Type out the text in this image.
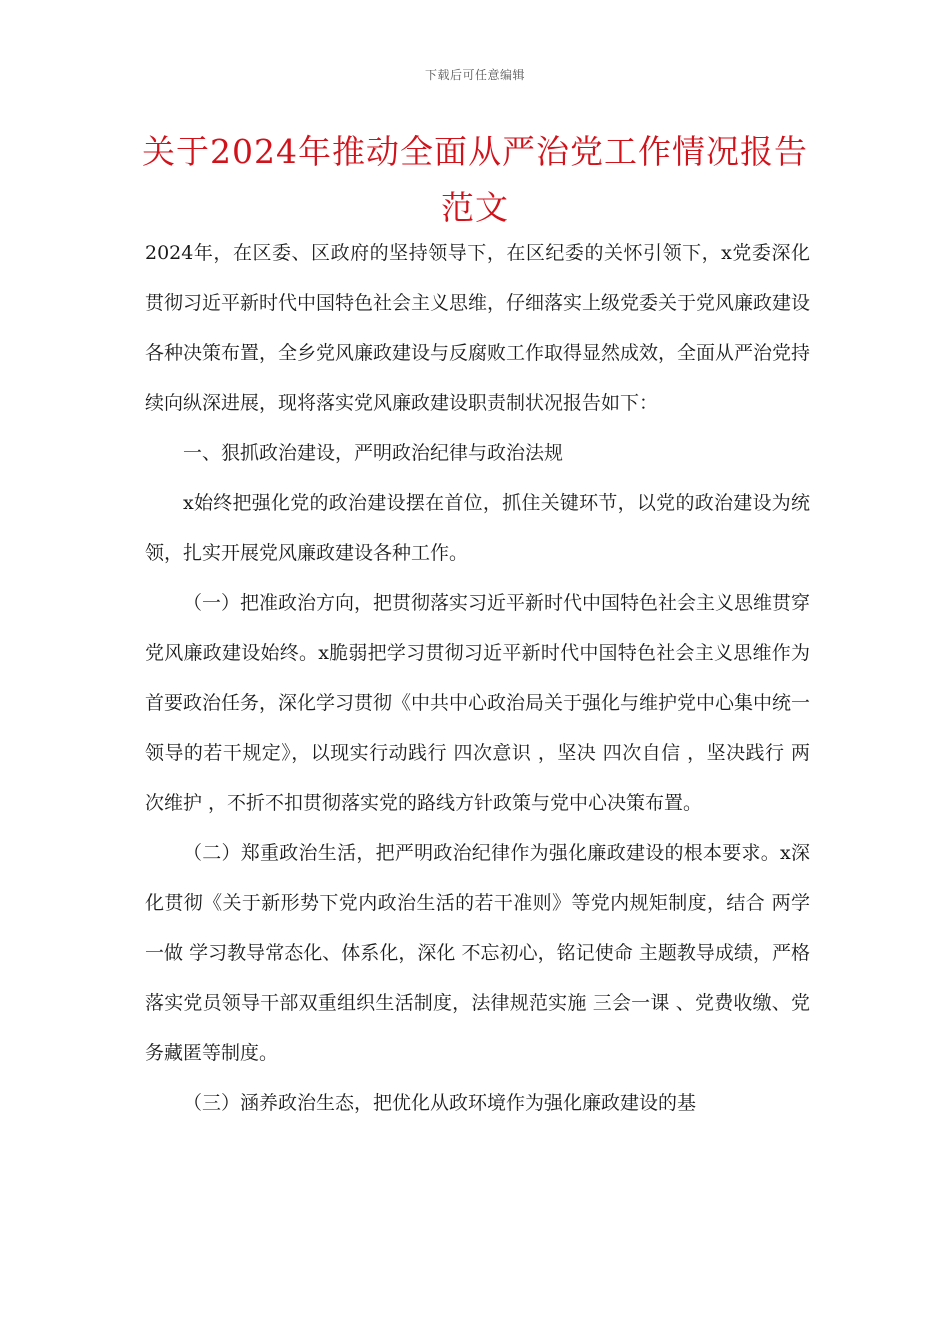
下载后可任意编辑
关于2024年推动全面从严治党工作情况报告范文

2024年，在区委、区政府的坚持领导下，在区纪委的关怀引领下，x党委深化贯彻习近平新时代中国特色社会主义思维，仔细落实上级党委关于党风廉政建设各种决策布置，全乡党风廉政建设与反腐败工作取得显然成效，全面从严治党持续向纵深进展，现将落实党风廉政建设职责制状况报告如下：

一、狠抓政治建设，严明政治纪律与政治法规

x始终把强化党的政治建设摆在首位，抓住关键环节，以党的政治建设为统领，扎实开展党风廉政建设各种工作。

（一）把准政治方向，把贯彻落实习近平新时代中国特色社会主义思维贯穿党风廉政建设始终。x脆弱把学习贯彻习近平新时代中国特色社会主义思维作为首要政治任务，深化学习贯彻《中共中心政治局关于强化与维护党中心集中统一领导的若干规定》，以现实行动践行 四次意识 ，坚决 四次自信 ，坚决践行 两次维护 ，不折不扣贯彻落实党的路线方针政策与党中心决策布置。

（二）郑重政治生活，把严明政治纪律作为强化廉政建设的根本要求。x深化贯彻《关于新形势下党内政治生活的若干准则》等党内规矩制度，结合 两学一做 学习教导常态化、体系化，深化 不忘初心，铭记使命 主题教导成绩，严格落实党员领导干部双重组织生活制度，法律规范实施 三会一课 、党费收缴、党务藏匿等制度。

（三）涵养政治生态，把优化从政环境作为强化廉政建设的基
